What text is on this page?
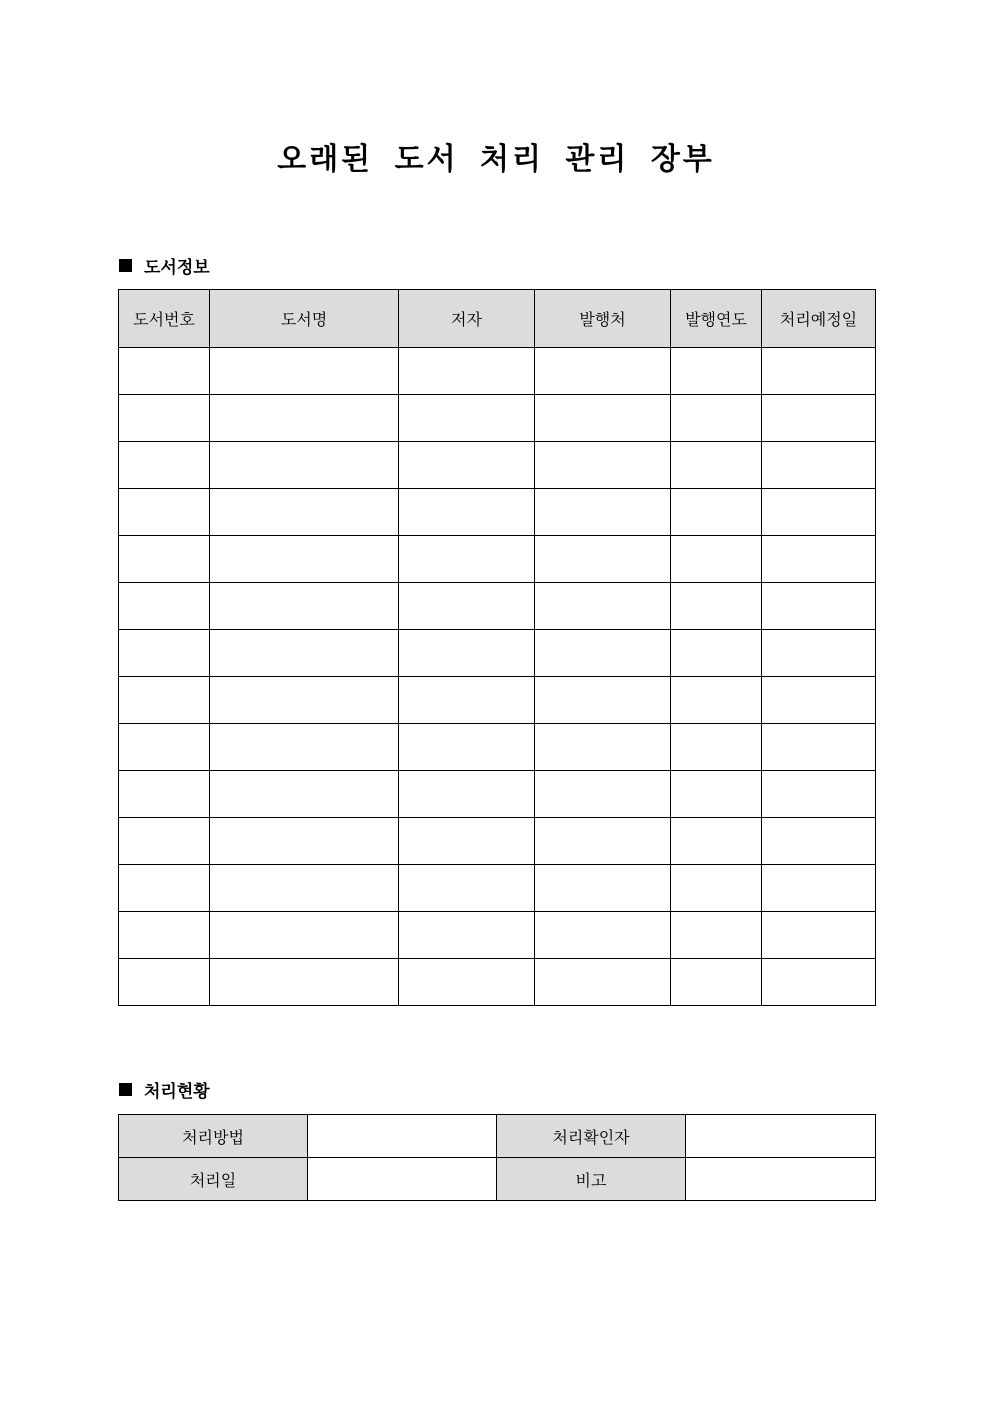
오래된 도서 처리 관리 장부
도서정보
도서번호	도서명	저자	발행처	발행연도	처리예정일

처리현황
처리방법		처리확인자	
처리일		비고	
